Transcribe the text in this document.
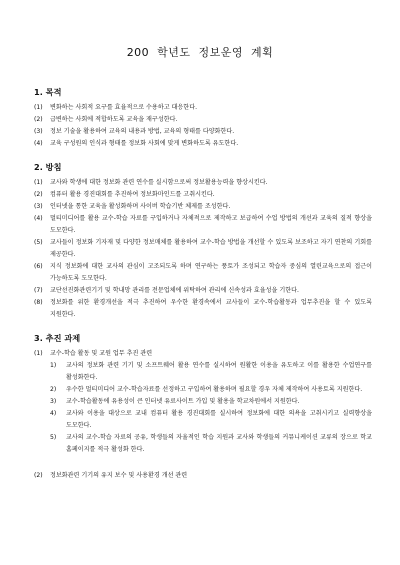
200 학년도 정보운영 계획
1. 목적
(1)	변화하는 사회적 요구를 효율적으로 수용하고 대응한다.
(2)	급변하는 사회에 적합하도록 교육을 재구성한다.
(3)	정보 기술을 활용하여 교육의 내용과 방법, 교육의 형태를 다양화한다.
(4)	교육 구성원의 인식과 형태를 정보화 사회에 맞게 변화하도록 유도한다.
2. 방침
(1)	교사와 학생에 대한 정보화 관련 연수를 실시함으로써 정보활용능력을 향상시킨다.
(2)	컴퓨터 활용 경진대회를 추진하여 정보화마인드를 고취시킨다.
(3)	인터넷을 통한 교육을 활성화하며 사이버 학습기반 체제를 조성한다.
(4)	멀티미디어를 활용 교수-학습 자료를 구입하거나 자체적으로 제작하고 보급하여 수업 방법의 개선과 교육의 질적 향상을 도모한다.
(5)	교사들이 정보화 기자재 및 다양한 정보매체를 활용하여 교수-학습 방법을 개선할 수 있도록 보조하고 자기 연찬의 기회를 제공한다.
(6)	지식 정보화에 대한 교사의 관심이 고조되도록 하며 연구하는 풍토가 조성되고 학습자 중심의 열린교육으로의 접근이 가능하도록 도모한다.
(7)	교단선진화관련기기 및 학내망 관리를 전문업체에 위탁하여 관리에 신속성과 효율성을 기한다.
(8)	정보화를 위한 환경개선을 적극 추진하여 우수한 환경속에서 교사들이 교수-학습활동과 업무추진을 할 수 있도록 지원한다.
3. 추진 과제
(1)	교수-학습 활동 및 교원 업무 추진 관련
1)	교사의 정보화 관련 기기 및 소프트웨어 활용 연수를 실시하여 원활한 이용을 유도하고 이를 활용한 수업연구를 활성화한다.
2)	우수한 멀티미디어 교수-학습자료를 선정하고 구입하여 활용하며 필요할 경우 자체 제작하여 사용토록 지원한다.
3)	교수-학습활동에 유용성이 큰 인터넷 유료사이트 가입 및 활용을 학교차원에서 지원한다.
4)	교사와 이용을 대상으로 교내 컴퓨터 활용 경진대회를 실시하여 정보화에 대한 의욕을 고취시키고 실력향상을 도모한다.
5)	교사의 교수-학습 자료의 공유, 학생들의 자율적인 학습 지원과 교사와 학생들의 커뮤니케이션 교류의 장으로 학교 홈페이지를 적극 활성화 한다.
(2)	정보화관련 기기의 유지 보수 및 사용환경 개선 관련
